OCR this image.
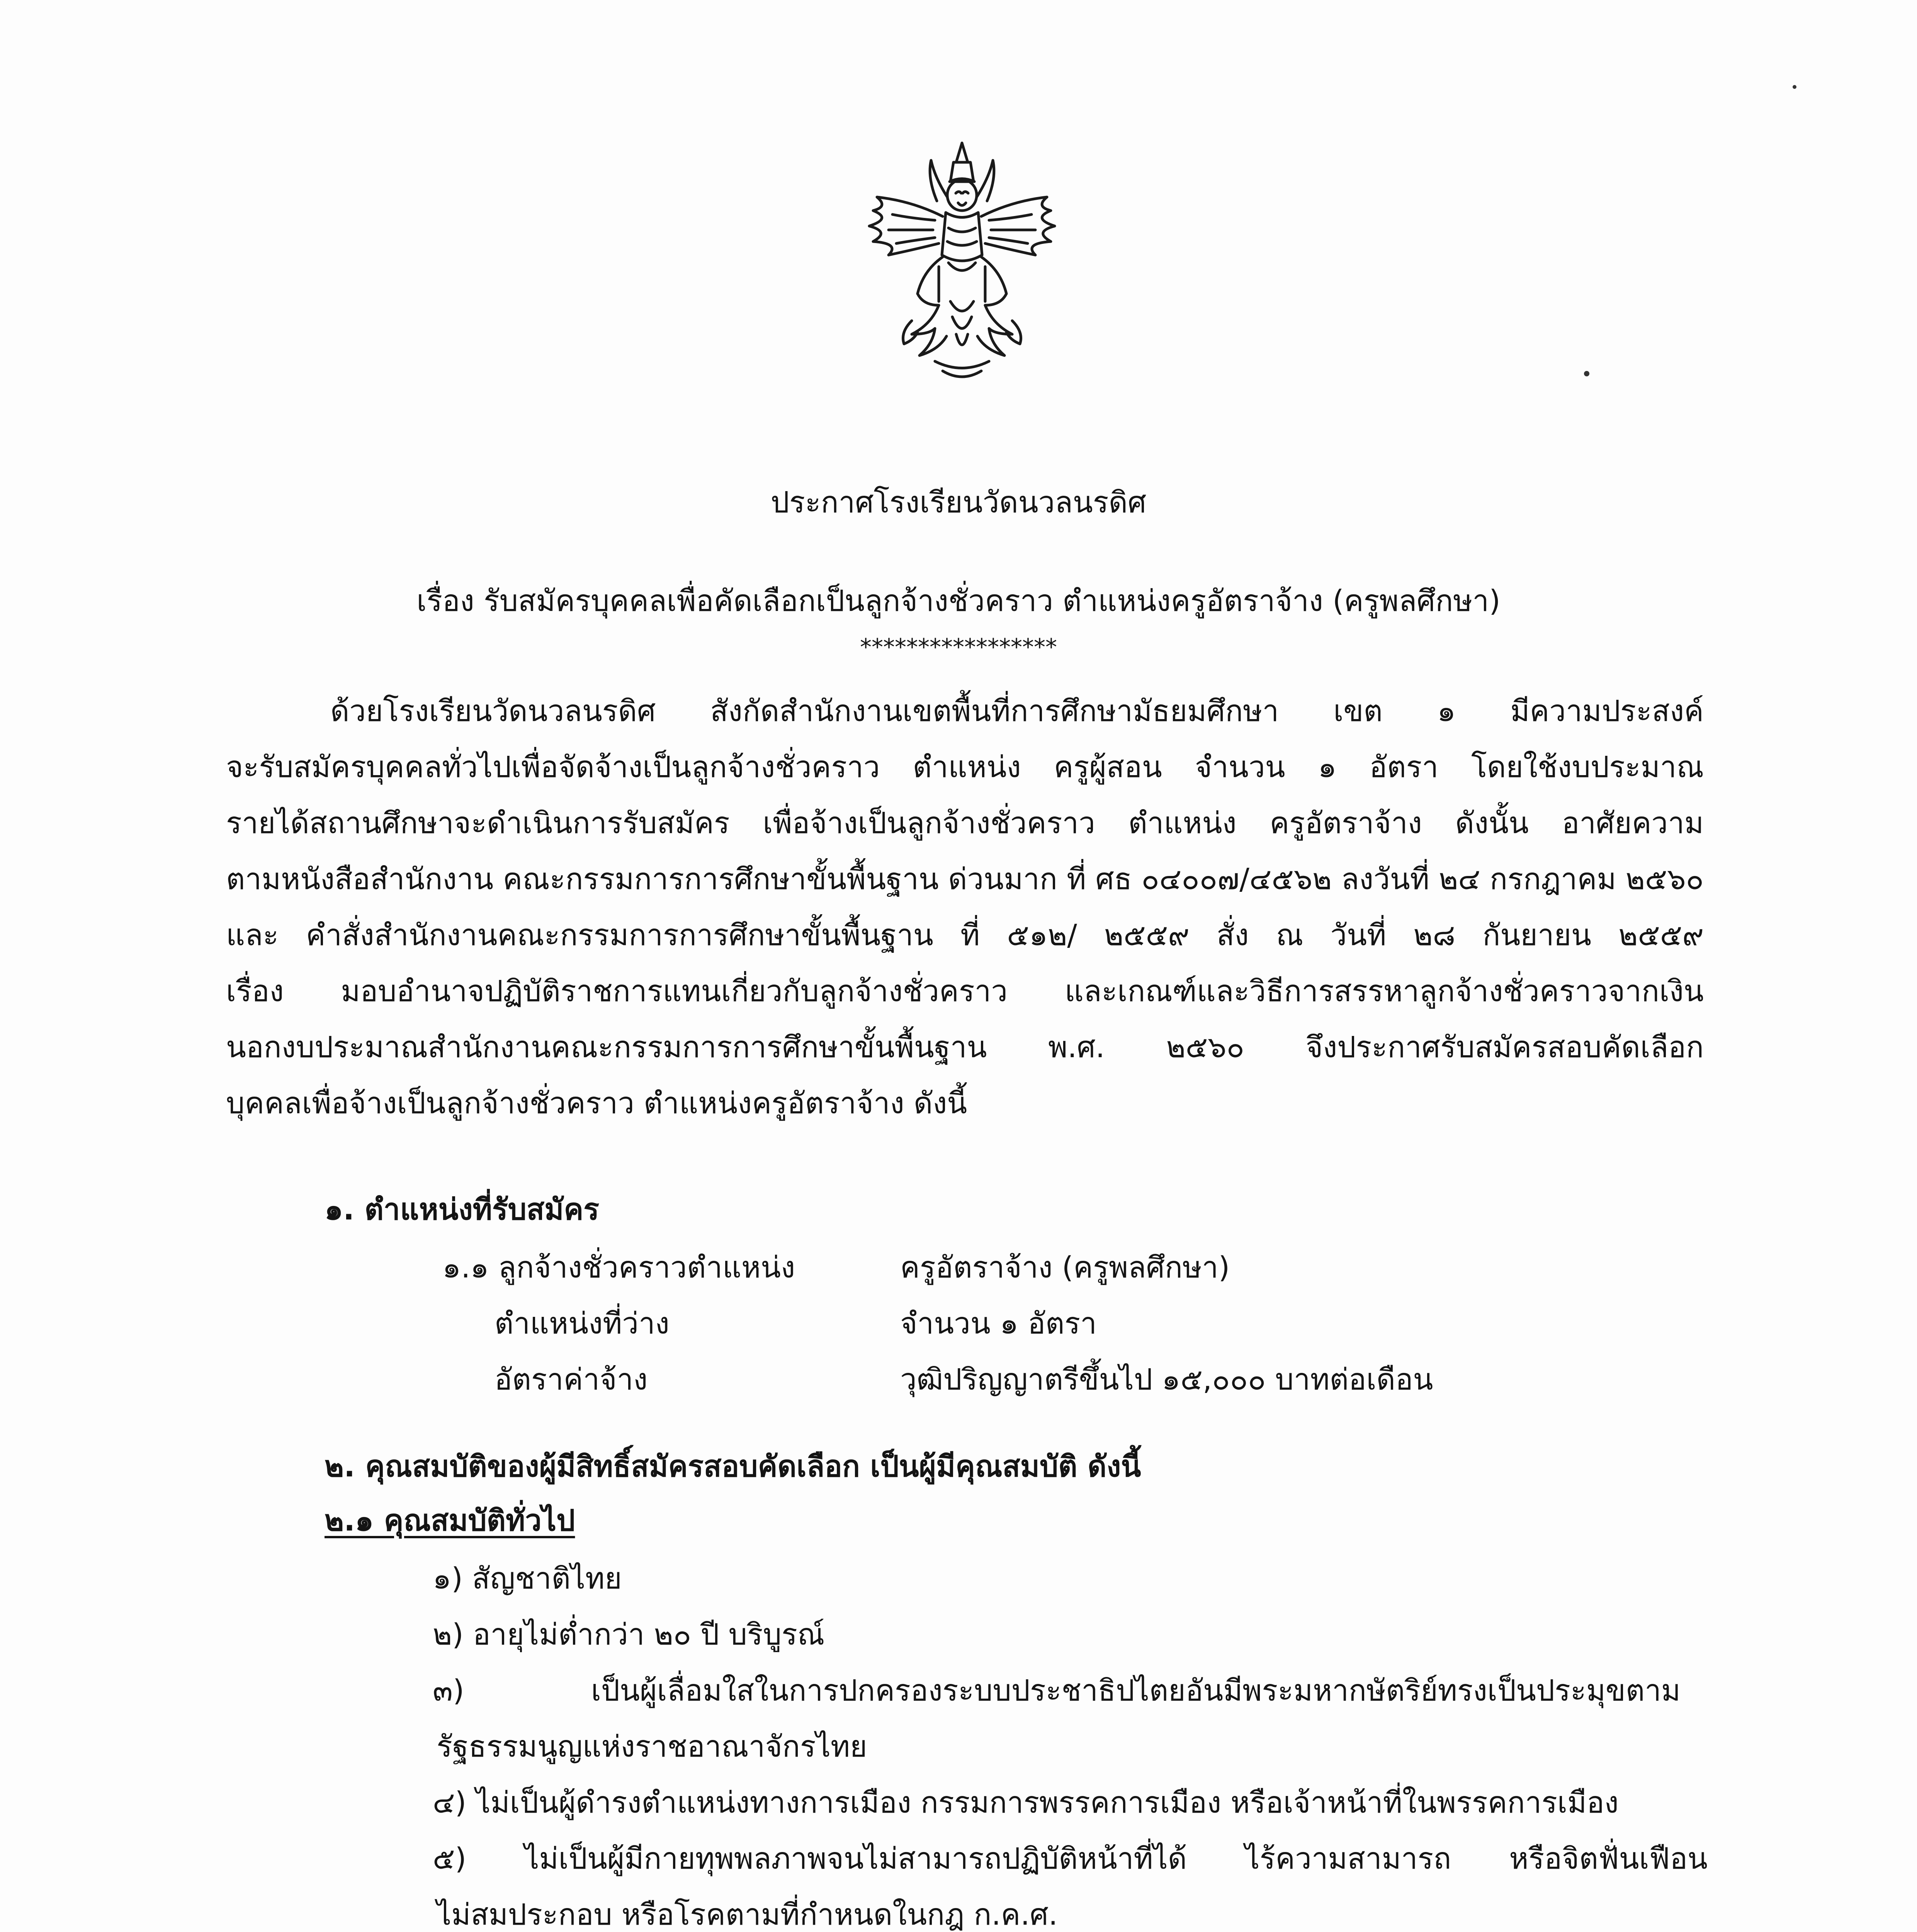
ประกาศโรงเรียนวัดนวลนรดิศ
เรื่อง รับสมัครบุคคลเพื่อคัดเลือกเป็นลูกจ้างชั่วคราว ตำแหน่งครูอัตราจ้าง (ครูพลศึกษา)
*****************
ด้วยโรงเรียนวัดนวลนรดิศ สังกัดสำนักงานเขตพื้นที่การศึกษามัธยมศึกษา เขต ๑ มีความประสงค์
จะรับสมัครบุคคลทั่วไปเพื่อจัดจ้างเป็นลูกจ้างชั่วคราว ตำแหน่ง ครูผู้สอน จำนวน ๑ อัตรา โดยใช้งบประมาณ
รายได้สถานศึกษาจะดำเนินการรับสมัคร เพื่อจ้างเป็นลูกจ้างชั่วคราว ตำแหน่ง ครูอัตราจ้าง ดังนั้น อาศัยความ
ตามหนังสือสำนักงาน คณะกรรมการการศึกษาขั้นพื้นฐาน ด่วนมาก ที่ ศธ ๐๔๐๐๗/๔๕๖๒ ลงวันที่ ๒๔ กรกฎาคม ๒๕๖๐
และ คำสั่งสำนักงานคณะกรรมการการศึกษาขั้นพื้นฐาน ที่ ๕๑๒/ ๒๕๕๙ สั่ง ณ วันที่ ๒๘ กันยายน ๒๕๕๙
เรื่อง มอบอำนาจปฏิบัติราชการแทนเกี่ยวกับลูกจ้างชั่วคราว และเกณฑ์และวิธีการสรรหาลูกจ้างชั่วคราวจากเงิน
นอกงบประมาณสำนักงานคณะกรรมการการศึกษาขั้นพื้นฐาน พ.ศ. ๒๕๖๐ จึงประกาศรับสมัครสอบคัดเลือก
บุคคลเพื่อจ้างเป็นลูกจ้างชั่วคราว ตำแหน่งครูอัตราจ้าง ดังนี้
๑. ตำแหน่งที่รับสมัคร
๑.๑ ลูกจ้างชั่วคราวตำแหน่ง	ครูอัตราจ้าง (ครูพลศึกษา)
ตำแหน่งที่ว่าง	จำนวน ๑ อัตรา
อัตราค่าจ้าง	วุฒิปริญญาตรีขึ้นไป ๑๕,๐๐๐ บาทต่อเดือน
๒. คุณสมบัติของผู้มีสิทธิ์สมัครสอบคัดเลือก เป็นผู้มีคุณสมบัติ ดังนี้
๒.๑ คุณสมบัติทั่วไป
๑) สัญชาติไทย
๒) อายุไม่ต่ำกว่า ๒๐ ปี บริบูรณ์
๓) เป็นผู้เลื่อมใสในการปกครองระบบประชาธิปไตยอันมีพระมหากษัตริย์ทรงเป็นประมุขตาม
รัฐธรรมนูญแห่งราชอาณาจักรไทย
๔) ไม่เป็นผู้ดำรงตำแหน่งทางการเมือง กรรมการพรรคการเมือง หรือเจ้าหน้าที่ในพรรคการเมือง
๕) ไม่เป็นผู้มีกายทุพพลภาพจนไม่สามารถปฏิบัติหน้าที่ได้ ไร้ความสามารถ หรือจิตฟั่นเฟือน
ไม่สมประกอบ หรือโรคตามที่กำหนดในกฎ ก.ค.ศ.
